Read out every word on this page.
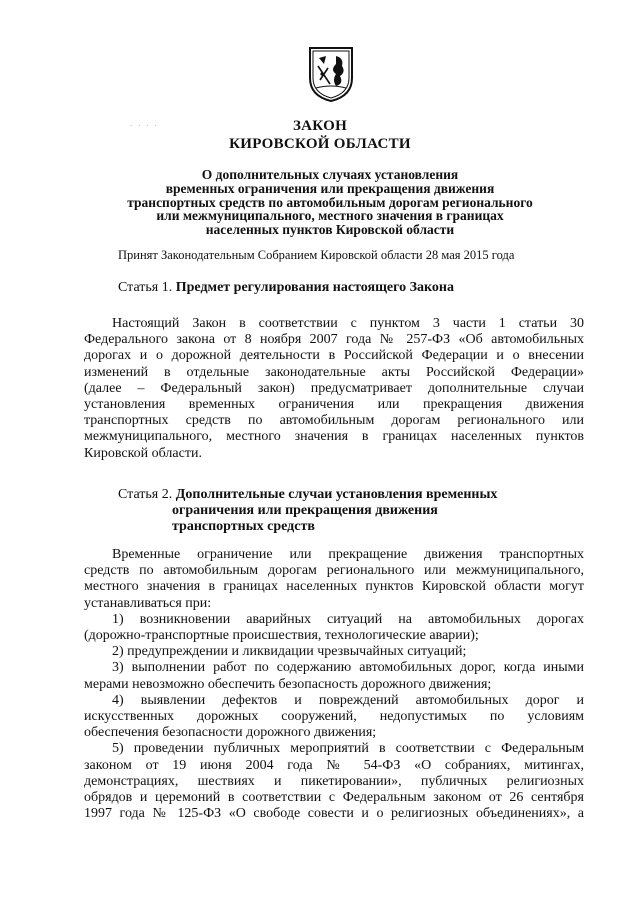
· · · ·	ЗАКОН
КИРОВСКОЙ ОБЛАСТИ
О дополнительных случаях установления
временных ограничения или прекращения движения
транспортных средств по автомобильным дорогам регионального
или межмуниципального, местного значения в границах
населенных пунктов Кировской области
Принят Законодательным Собранием Кировской области 28 мая 2015 года
Статья 1. Предмет регулирования настоящего Закона
Настоящий Закон в соответствии с пунктом 3 части 1 статьи 30
Федерального закона от 8 ноября 2007 года № 257-ФЗ «Об автомобильных
дорогах и о дорожной деятельности в Российской Федерации и о внесении
изменений в отдельные законодательные акты Российской Федерации»
(далее – Федеральный закон) предусматривает дополнительные случаи
установления временных ограничения или прекращения движения
транспортных средств по автомобильным дорогам регионального или
межмуниципального, местного значения в границах населенных пунктов
Кировской области.
Статья 2. Дополнительные случаи установления временных
ограничения или прекращения движения
транспортных средств
Временные ограничение или прекращение движения транспортных
средств по автомобильным дорогам регионального или межмуниципального,
местного значения в границах населенных пунктов Кировской области могут
устанавливаться при:
1) возникновении аварийных ситуаций на автомобильных дорогах
(дорожно-транспортные происшествия, технологические аварии);
2) предупреждении и ликвидации чрезвычайных ситуаций;
3) выполнении работ по содержанию автомобильных дорог, когда иными
мерами невозможно обеспечить безопасность дорожного движения;
4) выявлении дефектов и повреждений автомобильных дорог и
искусственных дорожных сооружений, недопустимых по условиям
обеспечения безопасности дорожного движения;
5) проведении публичных мероприятий в соответствии с Федеральным
законом от 19 июня 2004 года № 54-ФЗ «О собраниях, митингах,
демонстрациях, шествиях и пикетировании», публичных религиозных
обрядов и церемоний в соответствии с Федеральным законом от 26 сентября
1997 года № 125-ФЗ «О свободе совести и о религиозных объединениях», а
